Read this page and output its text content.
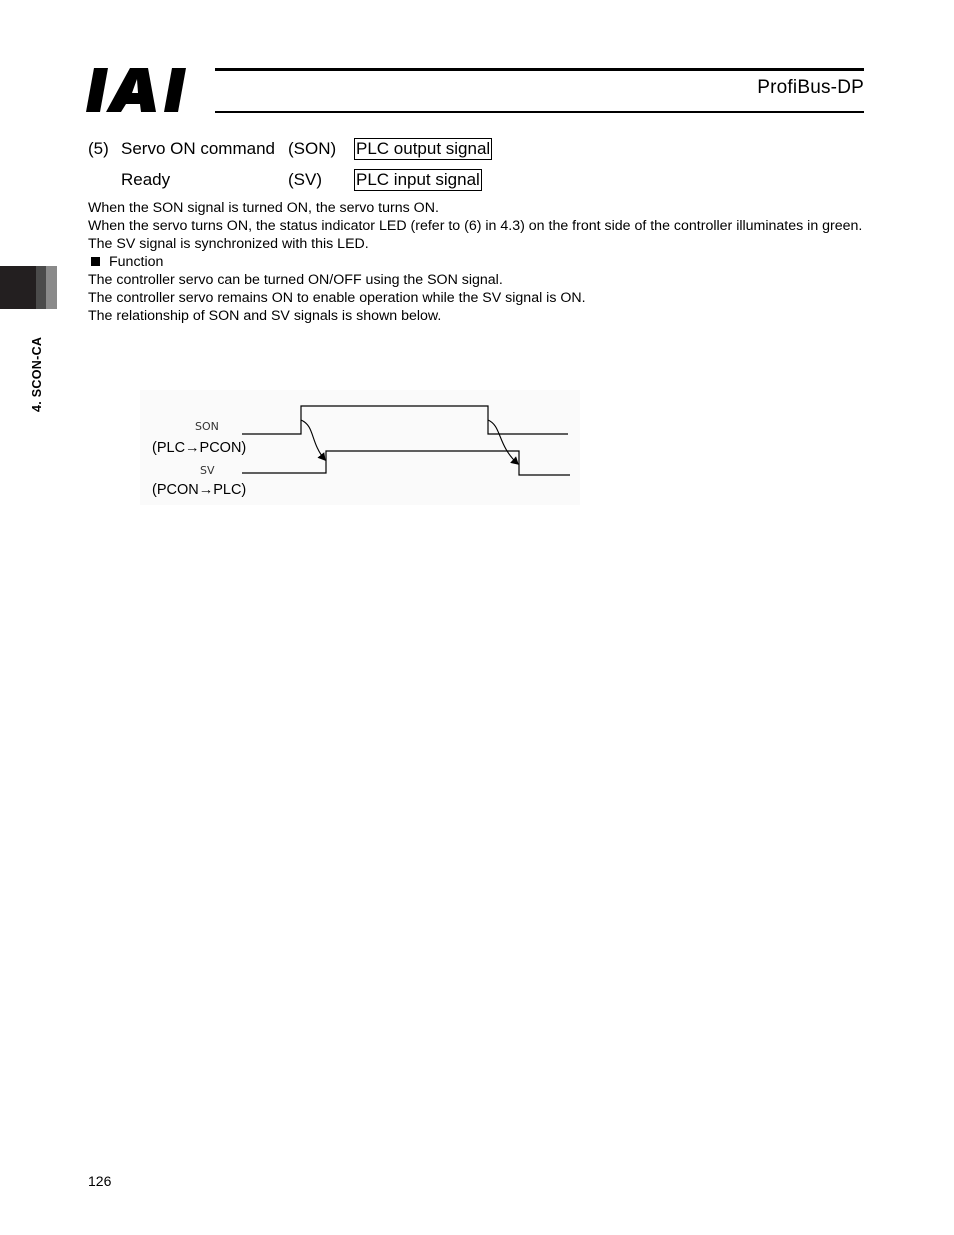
ProfiBus-DP
4. SCON-CA
(5) Servo ON command (SON) PLC output signal
Ready	(SV) PLC input signal

When the SON signal is turned ON, the servo turns ON.

When the servo turns ON, the status indicator LED (refer to (6) in 4.3) on the front side of the controller illuminates in green.

The SV signal is synchronized with this LED.

Function

The controller servo can be turned ON/OFF using the SON signal.

The controller servo remains ON to enable operation while the SV signal is ON.

The relationship of SON and SV signals is shown below.

SON
(PLC→PCON)
SV
(PCON→PLC)
126
